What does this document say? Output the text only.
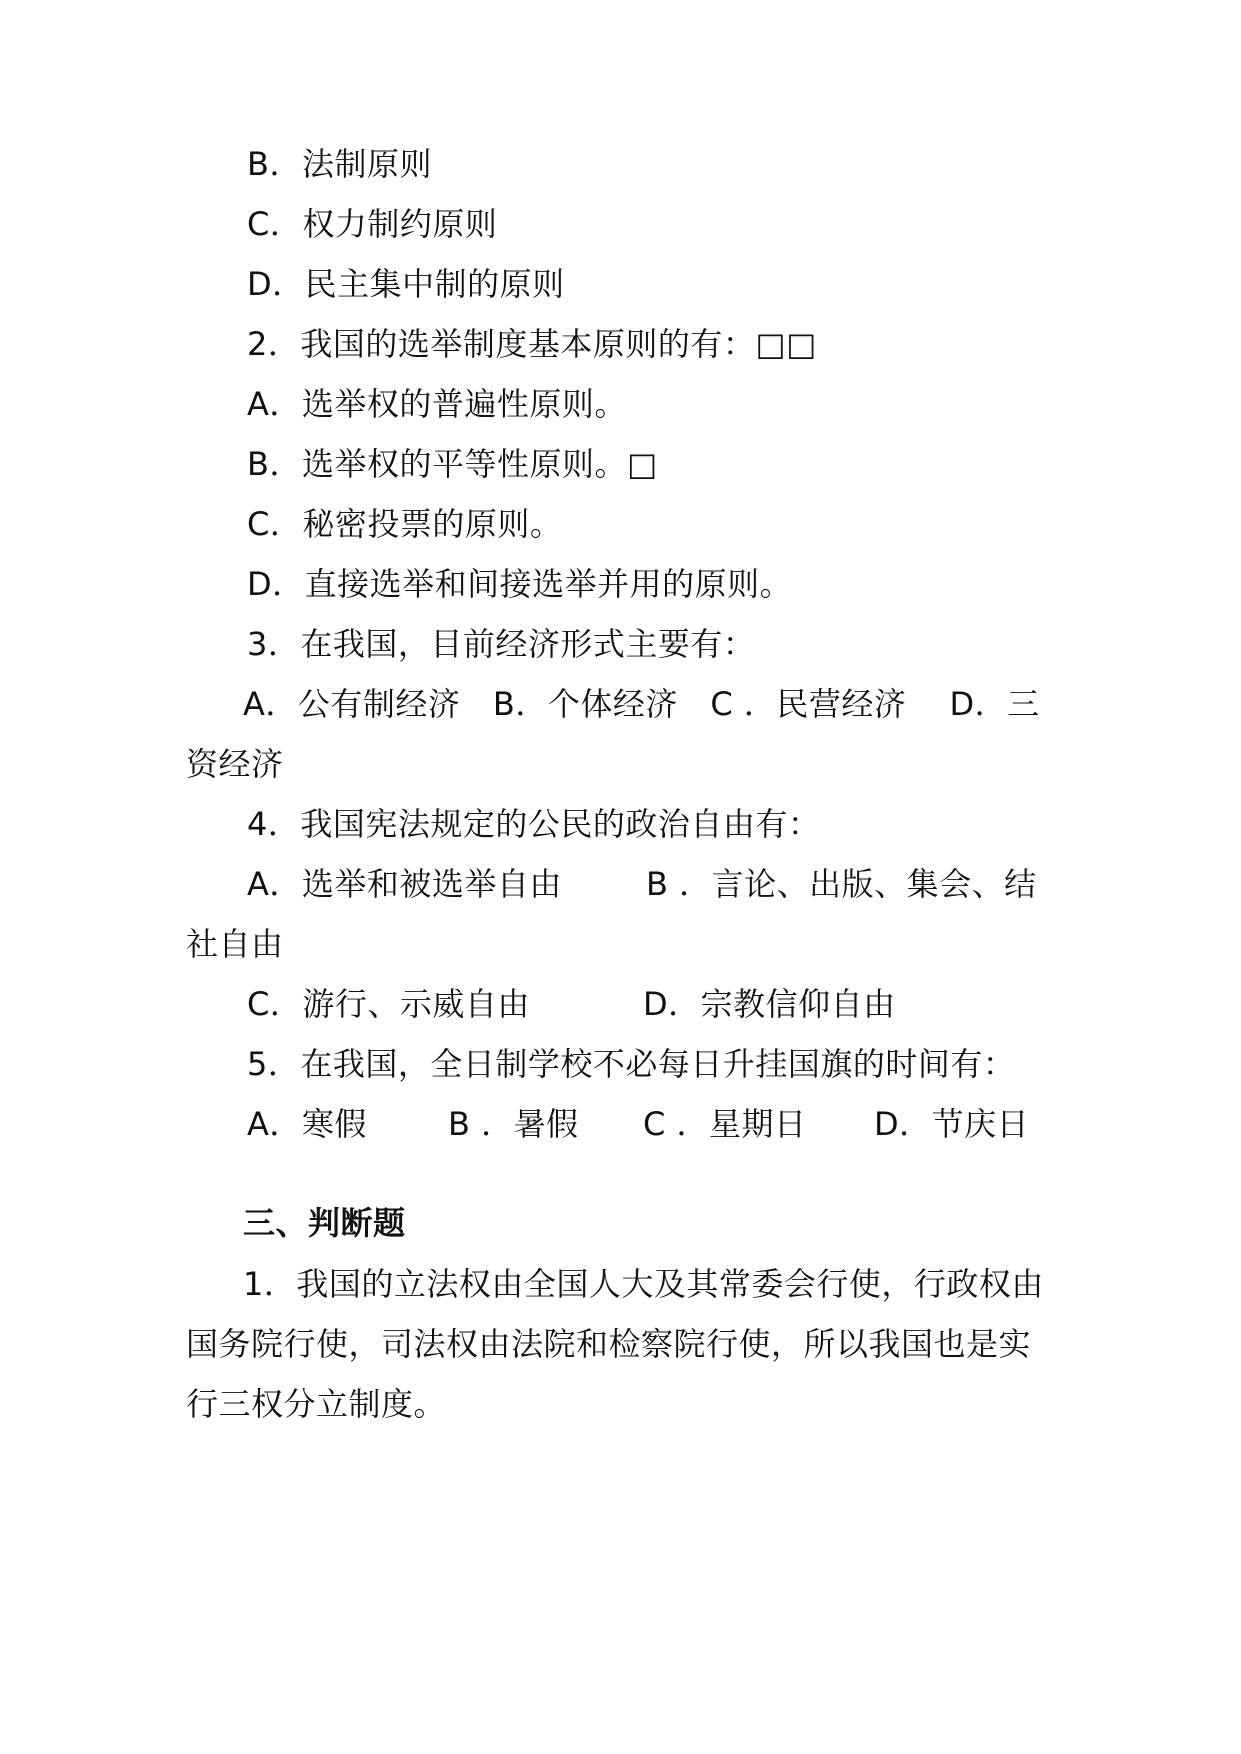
B．法制原则
C．权力制约原则
D．民主集中制的原则
2．我国的选举制度基本原则的有：□□
A．选举权的普遍性原则。
B．选举权的平等性原则。□
C．秘密投票的原则。
D．直接选举和间接选举并用的原则。
3．在我国，目前经济形式主要有：
A．公有制经济　B．个体经济　C ．民营经济　 D．三
资经济
4．我国宪法规定的公民的政治自由有：
A．选举和被选举自由	B ．言论、出版、集会、结
社自由
C．游行、示威自由	D．宗教信仰自由
5．在我国，全日制学校不必每日升挂国旗的时间有：
A．寒假	B ．暑假 C ．星期日 D．节庆日
三、判断题
1．我国的立法权由全国人大及其常委会行使，行政权由
国务院行使，司法权由法院和检察院行使，所以我国也是实
行三权分立制度。
